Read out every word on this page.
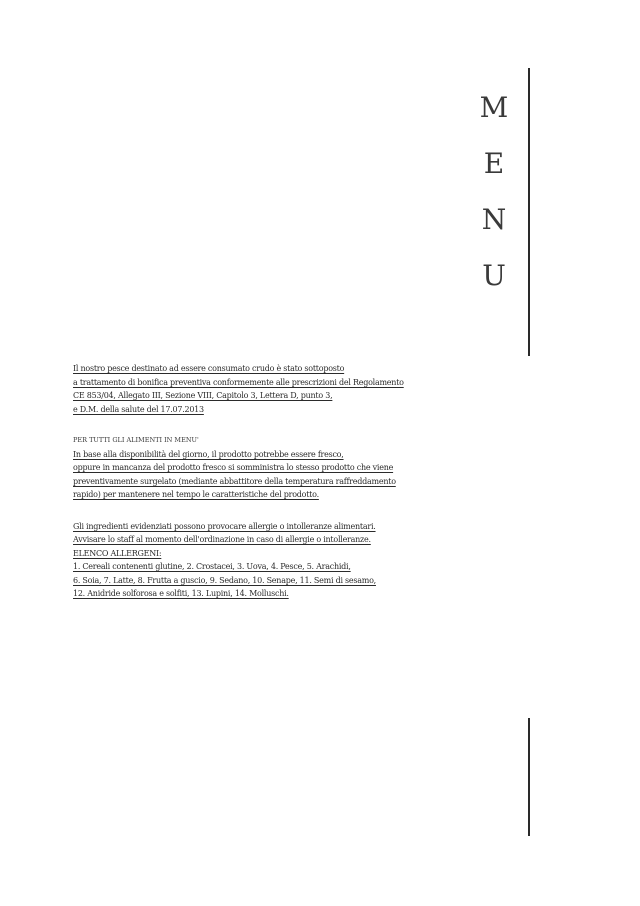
M
E
N
U
Il nostro pesce destinato ad essere consumato crudo è stato sottoposto
a trattamento di bonifica preventiva conformemente alle prescrizioni del Regolamento
CE 853/04, Allegato III, Sezione VIII, Capitolo 3, Lettera D, punto 3,
e D.M. della salute del 17.07.2013
PER TUTTI GLI ALIMENTI IN MENU'
In base alla disponibilità del giorno, il prodotto potrebbe essere fresco,
oppure in mancanza del prodotto fresco si somministra lo stesso prodotto che viene
preventivamente surgelato (mediante abbattitore della temperatura raffreddamento
rapido) per mantenere nel tempo le caratteristiche del prodotto.
Gli ingredienti evidenziati possono provocare allergie o intolleranze alimentari.
Avvisare lo staff al momento dell'ordinazione in caso di allergie o intolleranze.
ELENCO ALLERGENI:
1. Cereali contenenti glutine, 2. Crostacei, 3. Uova, 4. Pesce, 5. Arachidi,
6. Soia, 7. Latte, 8. Frutta a guscio, 9. Sedano, 10. Senape, 11. Semi di sesamo,
12. Anidride solforosa e solfiti, 13. Lupini, 14. Molluschi.
